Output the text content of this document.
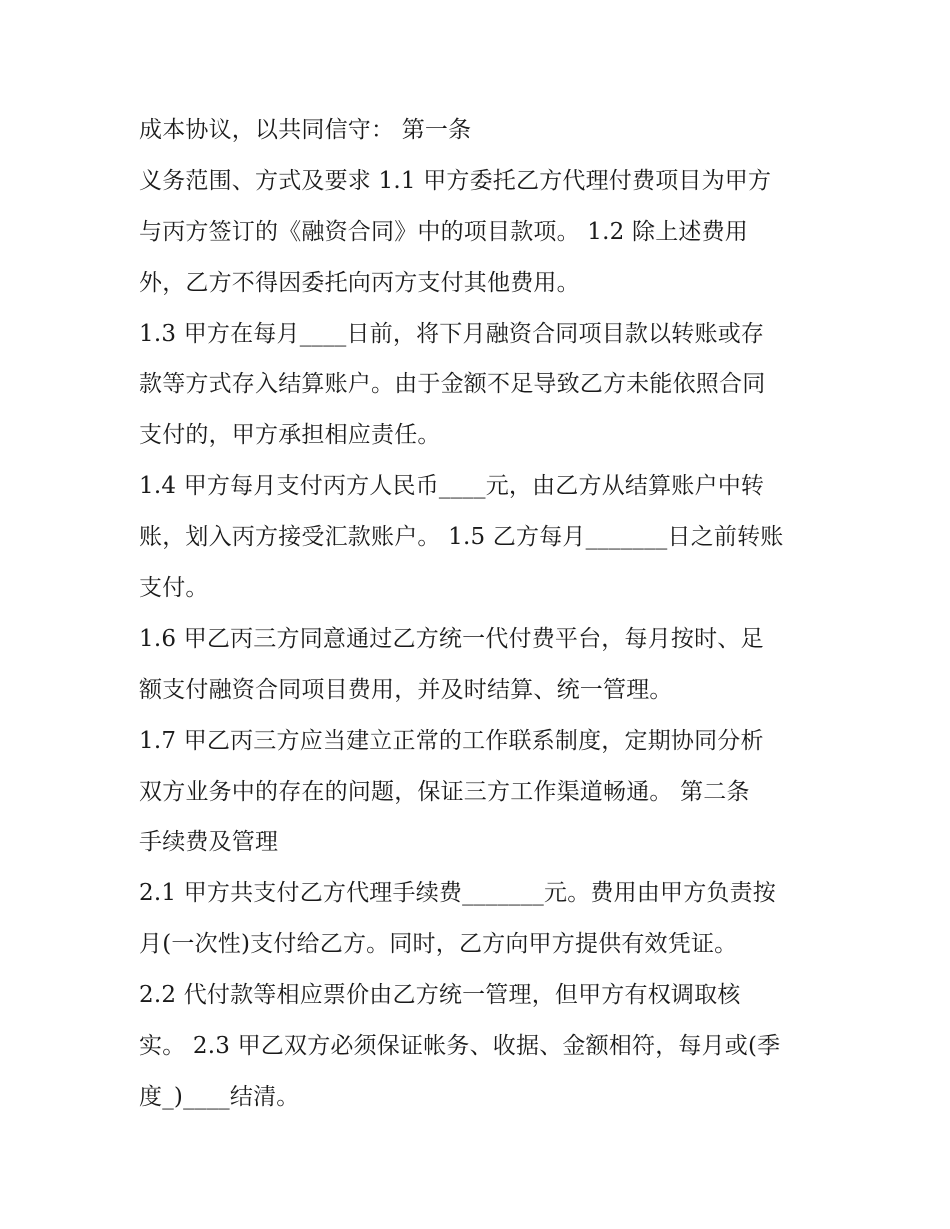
成本协议，以共同信守： 第一条
义务范围、方式及要求 1.1 甲方委托乙方代理付费项目为甲方
与丙方签订的《融资合同》中的项目款项。 1.2 除上述费用
外，乙方不得因委托向丙方支付其他费用。
1.3 甲方在每月____日前，将下月融资合同项目款以转账或存
款等方式存入结算账户。由于金额不足导致乙方未能依照合同
支付的，甲方承担相应责任。
1.4 甲方每月支付丙方人民币____元，由乙方从结算账户中转
账，划入丙方接受汇款账户。 1.5 乙方每月_______日之前转账
支付。
1.6 甲乙丙三方同意通过乙方统一代付费平台，每月按时、足
额支付融资合同项目费用，并及时结算、统一管理。
1.7 甲乙丙三方应当建立正常的工作联系制度，定期协同分析
双方业务中的存在的问题，保证三方工作渠道畅通。 第二条
手续费及管理
2.1 甲方共支付乙方代理手续费_______元。费用由甲方负责按
月(一次性)支付给乙方。同时，乙方向甲方提供有效凭证。
2.2 代付款等相应票价由乙方统一管理，但甲方有权调取核
实。 2.3 甲乙双方必须保证帐务、收据、金额相符，每月或(季
度_)____结清。
